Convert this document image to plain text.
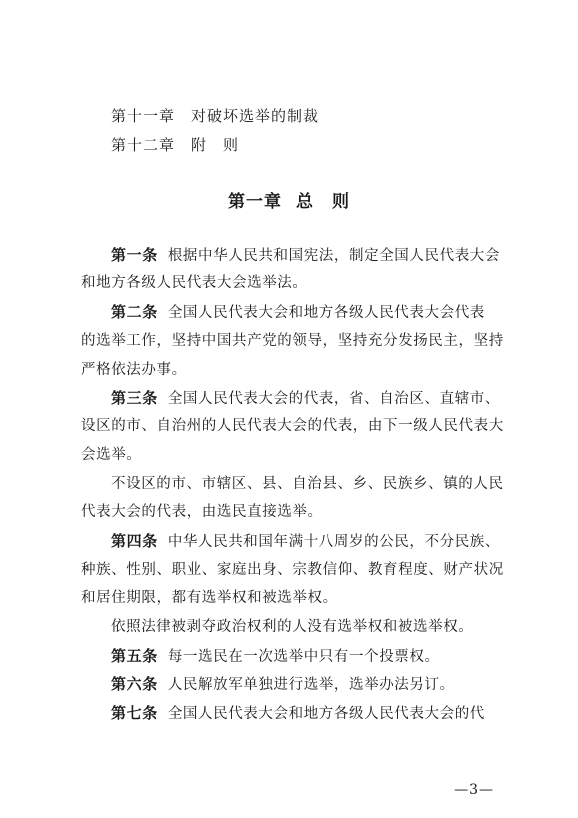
第十一章 对破坏选举的制裁
第十二章 附　则
第一章 总　则
第一条 根据中华人民共和国宪法，制定全国人民代表大会
和地方各级人民代表大会选举法。
第二条 全国人民代表大会和地方各级人民代表大会代表
的选举工作，坚持中国共产党的领导，坚持充分发扬民主，坚持
严格依法办事。
第三条 全国人民代表大会的代表，省、自治区、直辖市、
设区的市、自治州的人民代表大会的代表，由下一级人民代表大
会选举。
不设区的市、市辖区、县、自治县、乡、民族乡、镇的人民
代表大会的代表，由选民直接选举。
第四条 中华人民共和国年满十八周岁的公民，不分民族、
种族、性别、职业、家庭出身、宗教信仰、教育程度、财产状况
和居住期限，都有选举权和被选举权。
依照法律被剥夺政治权利的人没有选举权和被选举权。
第五条 每一选民在一次选举中只有一个投票权。
第六条 人民解放军单独进行选举，选举办法另订。
第七条 全国人民代表大会和地方各级人民代表大会的代
—3—
